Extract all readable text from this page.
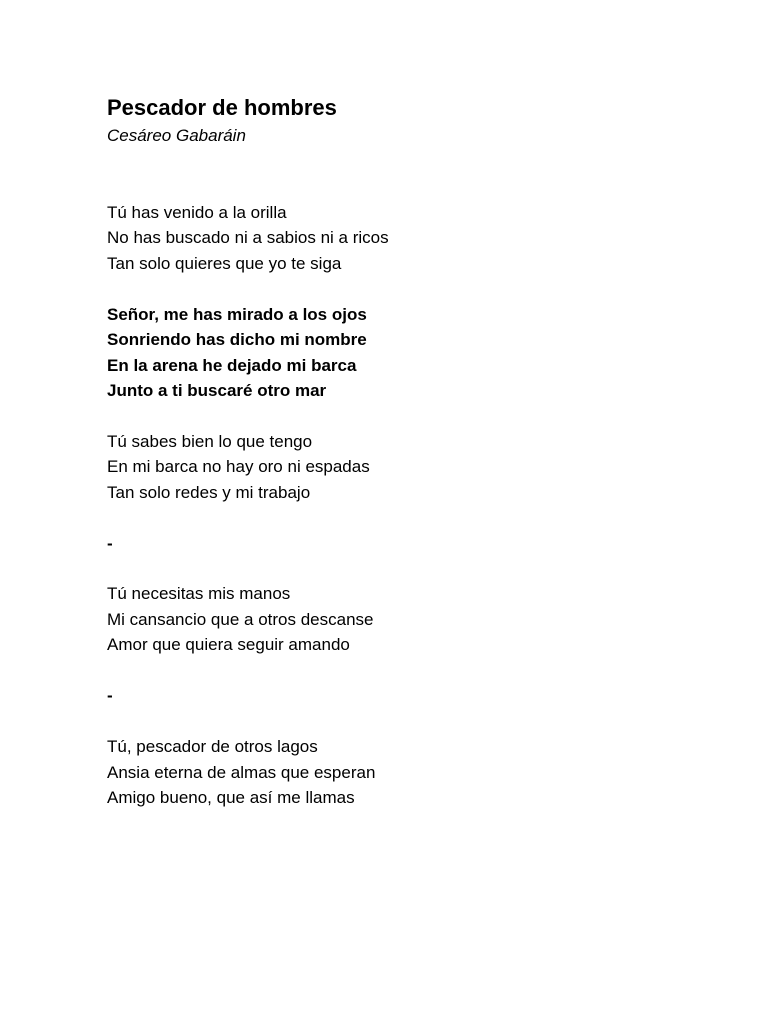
Pescador de hombres
Cesáreo Gabaráin
Tú has venido a la orilla
No has buscado ni a sabios ni a ricos
Tan solo quieres que yo te siga
Señor, me has mirado a los ojos
Sonriendo has dicho mi nombre
En la arena he dejado mi barca
Junto a ti buscaré otro mar
Tú sabes bien lo que tengo
En mi barca no hay oro ni espadas
Tan solo redes y mi trabajo
-
Tú necesitas mis manos
Mi cansancio que a otros descanse
Amor que quiera seguir amando
-
Tú, pescador de otros lagos
Ansia eterna de almas que esperan
Amigo bueno, que así me llamas
